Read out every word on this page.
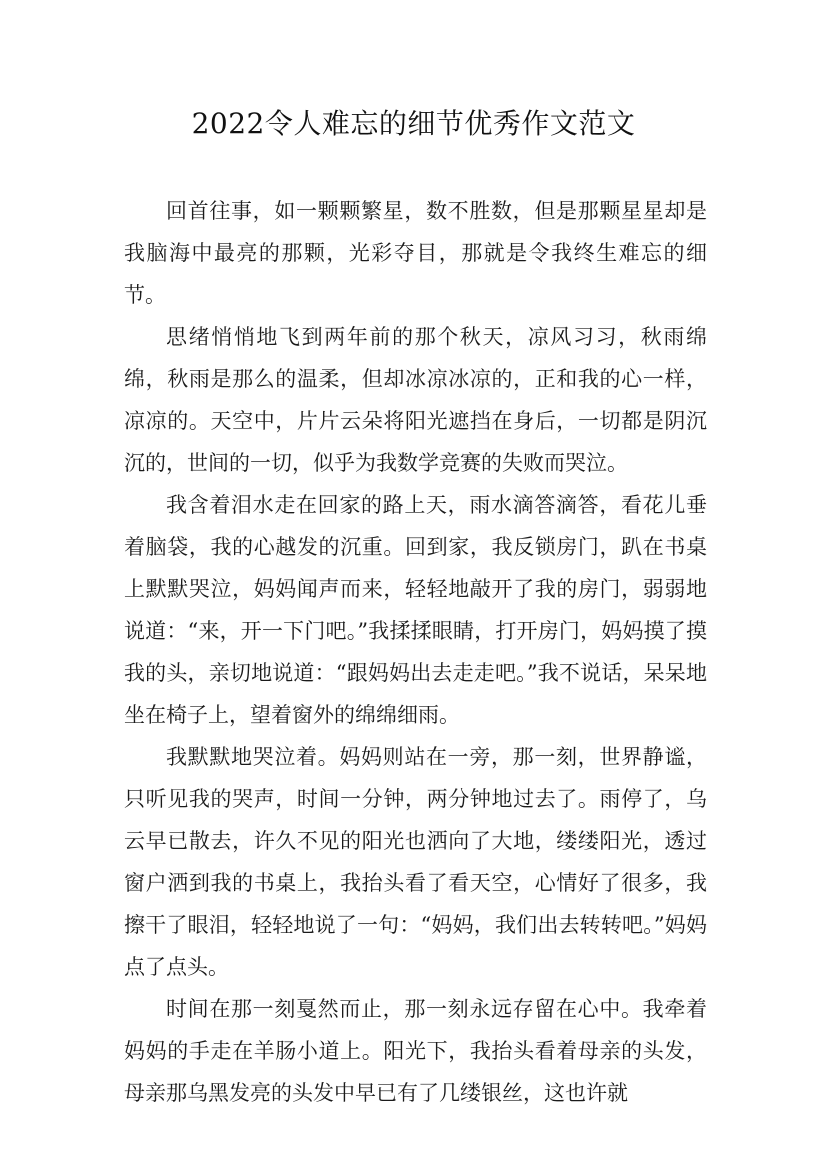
2022令人难忘的细节优秀作文范文

回首往事，如一颗颗繁星，数不胜数，但是那颗星星却是我脑海中最亮的那颗，光彩夺目，那就是令我终生难忘的细节。

思绪悄悄地飞到两年前的那个秋天，凉风习习，秋雨绵绵，秋雨是那么的温柔，但却冰凉冰凉的，正和我的心一样，凉凉的。天空中，片片云朵将阳光遮挡在身后，一切都是阴沉沉的，世间的一切，似乎为我数学竞赛的失败而哭泣。

我含着泪水走在回家的路上天，雨水滴答滴答，看花儿垂着脑袋，我的心越发的沉重。回到家，我反锁房门，趴在书桌上默默哭泣，妈妈闻声而来，轻轻地敲开了我的房门，弱弱地说道：“来，开一下门吧。”我揉揉眼睛，打开房门，妈妈摸了摸我的头，亲切地说道：“跟妈妈出去走走吧。”我不说话，呆呆地坐在椅子上，望着窗外的绵绵细雨。

我默默地哭泣着。妈妈则站在一旁，那一刻，世界静谧，只听见我的哭声，时间一分钟，两分钟地过去了。雨停了，乌云早已散去，许久不见的阳光也洒向了大地，缕缕阳光，透过窗户洒到我的书桌上，我抬头看了看天空，心情好了很多，我擦干了眼泪，轻轻地说了一句：“妈妈，我们出去转转吧。”妈妈点了点头。

时间在那一刻戛然而止，那一刻永远存留在心中。我牵着妈妈的手走在羊肠小道上。阳光下，我抬头看着母亲的头发，母亲那乌黑发亮的头发中早已有了几缕银丝，这也许就
